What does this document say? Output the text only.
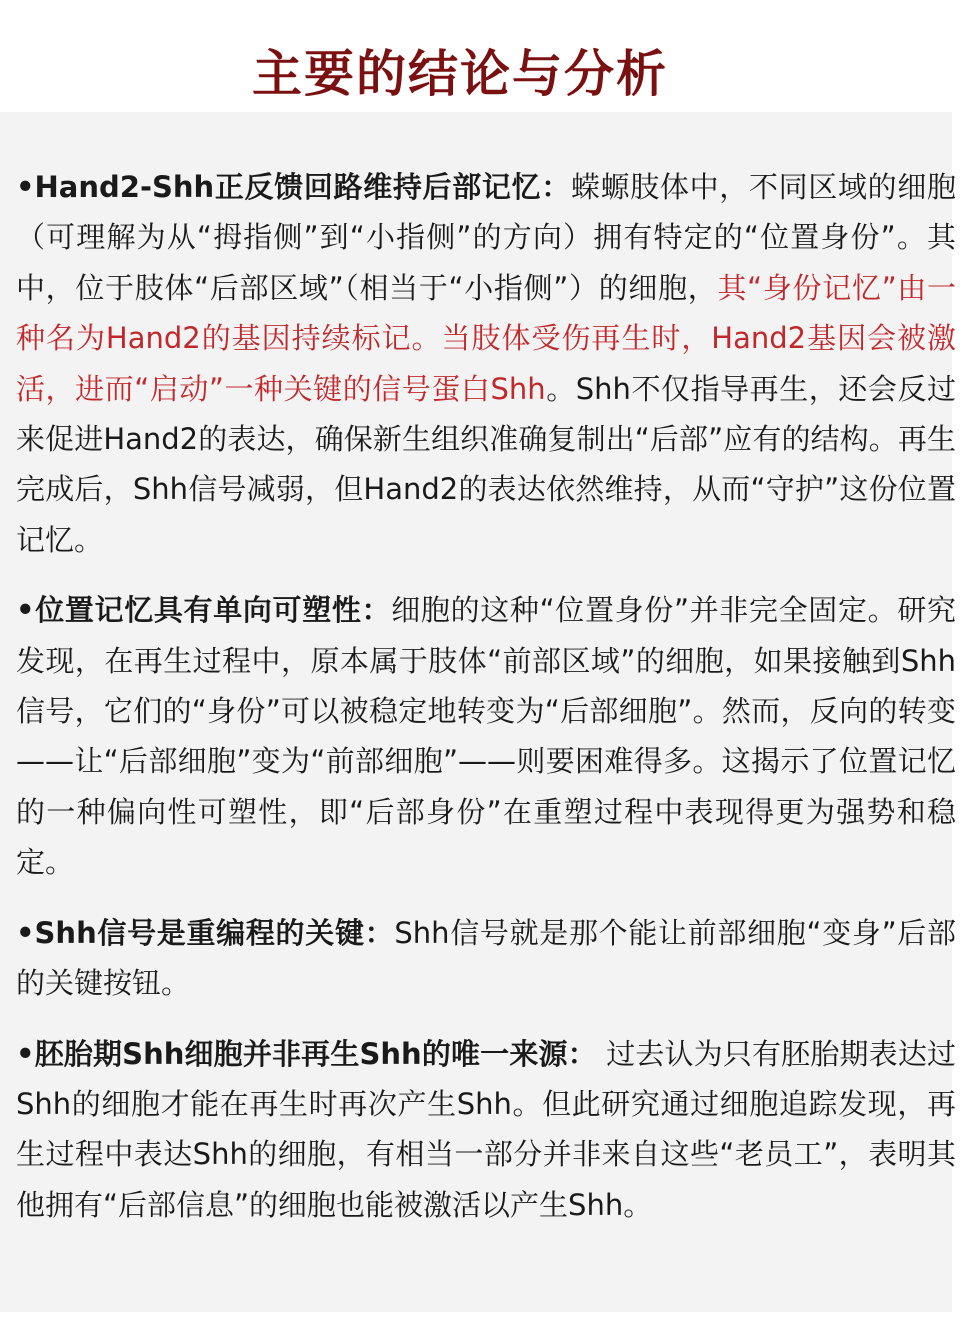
主要的结论与分析

•Hand2-Shh正反馈回路维持后部记忆：蝾螈肢体中，不同区域的细胞（可理解为从“拇指侧”到“小指侧”的方向）拥有特定的“位置身份”。其中，位于肢体“后部区域”（相当于“小指侧”）的细胞，其“身份记忆”由一种名为Hand2的基因持续标记。当肢体受伤再生时，Hand2基因会被激活，进而“启动”一种关键的信号蛋白Shh。Shh不仅指导再生，还会反过来促进Hand2的表达，确保新生组织准确复制出“后部”应有的结构。再生完成后，Shh信号减弱，但Hand2的表达依然维持，从而“守护”这份位置记忆。

•位置记忆具有单向可塑性：细胞的这种“位置身份”并非完全固定。研究发现，在再生过程中，原本属于肢体“前部区域”的细胞，如果接触到Shh信号，它们的“身份”可以被稳定地转变为“后部细胞”。然而，反向的转变——让“后部细胞”变为“前部细胞”——则要困难得多。这揭示了位置记忆的一种偏向性可塑性，即“后部身份”在重塑过程中表现得更为强势和稳定。

•Shh信号是重编程的关键：Shh信号就是那个能让前部细胞“变身”后部的关键按钮。

•胚胎期Shh细胞并非再生Shh的唯一来源： 过去认为只有胚胎期表达过Shh的细胞才能在再生时再次产生Shh。但此研究通过细胞追踪发现，再生过程中表达Shh的细胞，有相当一部分并非来自这些“老员工”，表明其他拥有“后部信息”的细胞也能被激活以产生Shh。
